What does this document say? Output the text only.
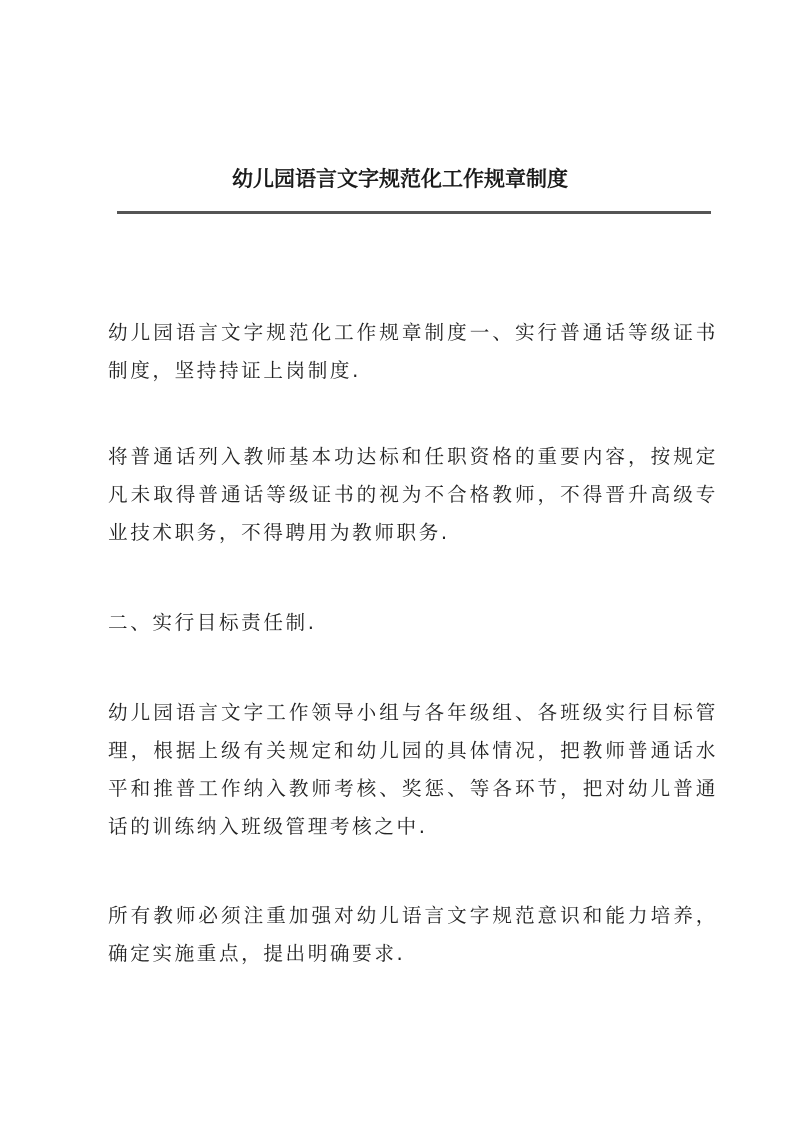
幼儿园语言文字规范化工作规章制度

幼儿园语言文字规范化工作规章制度一、实行普通话等级证书制度，坚持持证上岗制度.

将普通话列入教师基本功达标和任职资格的重要内容，按规定凡未取得普通话等级证书的视为不合格教师，不得晋升高级专业技术职务，不得聘用为教师职务.

二、实行目标责任制.

幼儿园语言文字工作领导小组与各年级组、各班级实行目标管理，根据上级有关规定和幼儿园的具体情况，把教师普通话水平和推普工作纳入教师考核、奖惩、等各环节，把对幼儿普通话的训练纳入班级管理考核之中.

所有教师必须注重加强对幼儿语言文字规范意识和能力培养，确定实施重点，提出明确要求.
